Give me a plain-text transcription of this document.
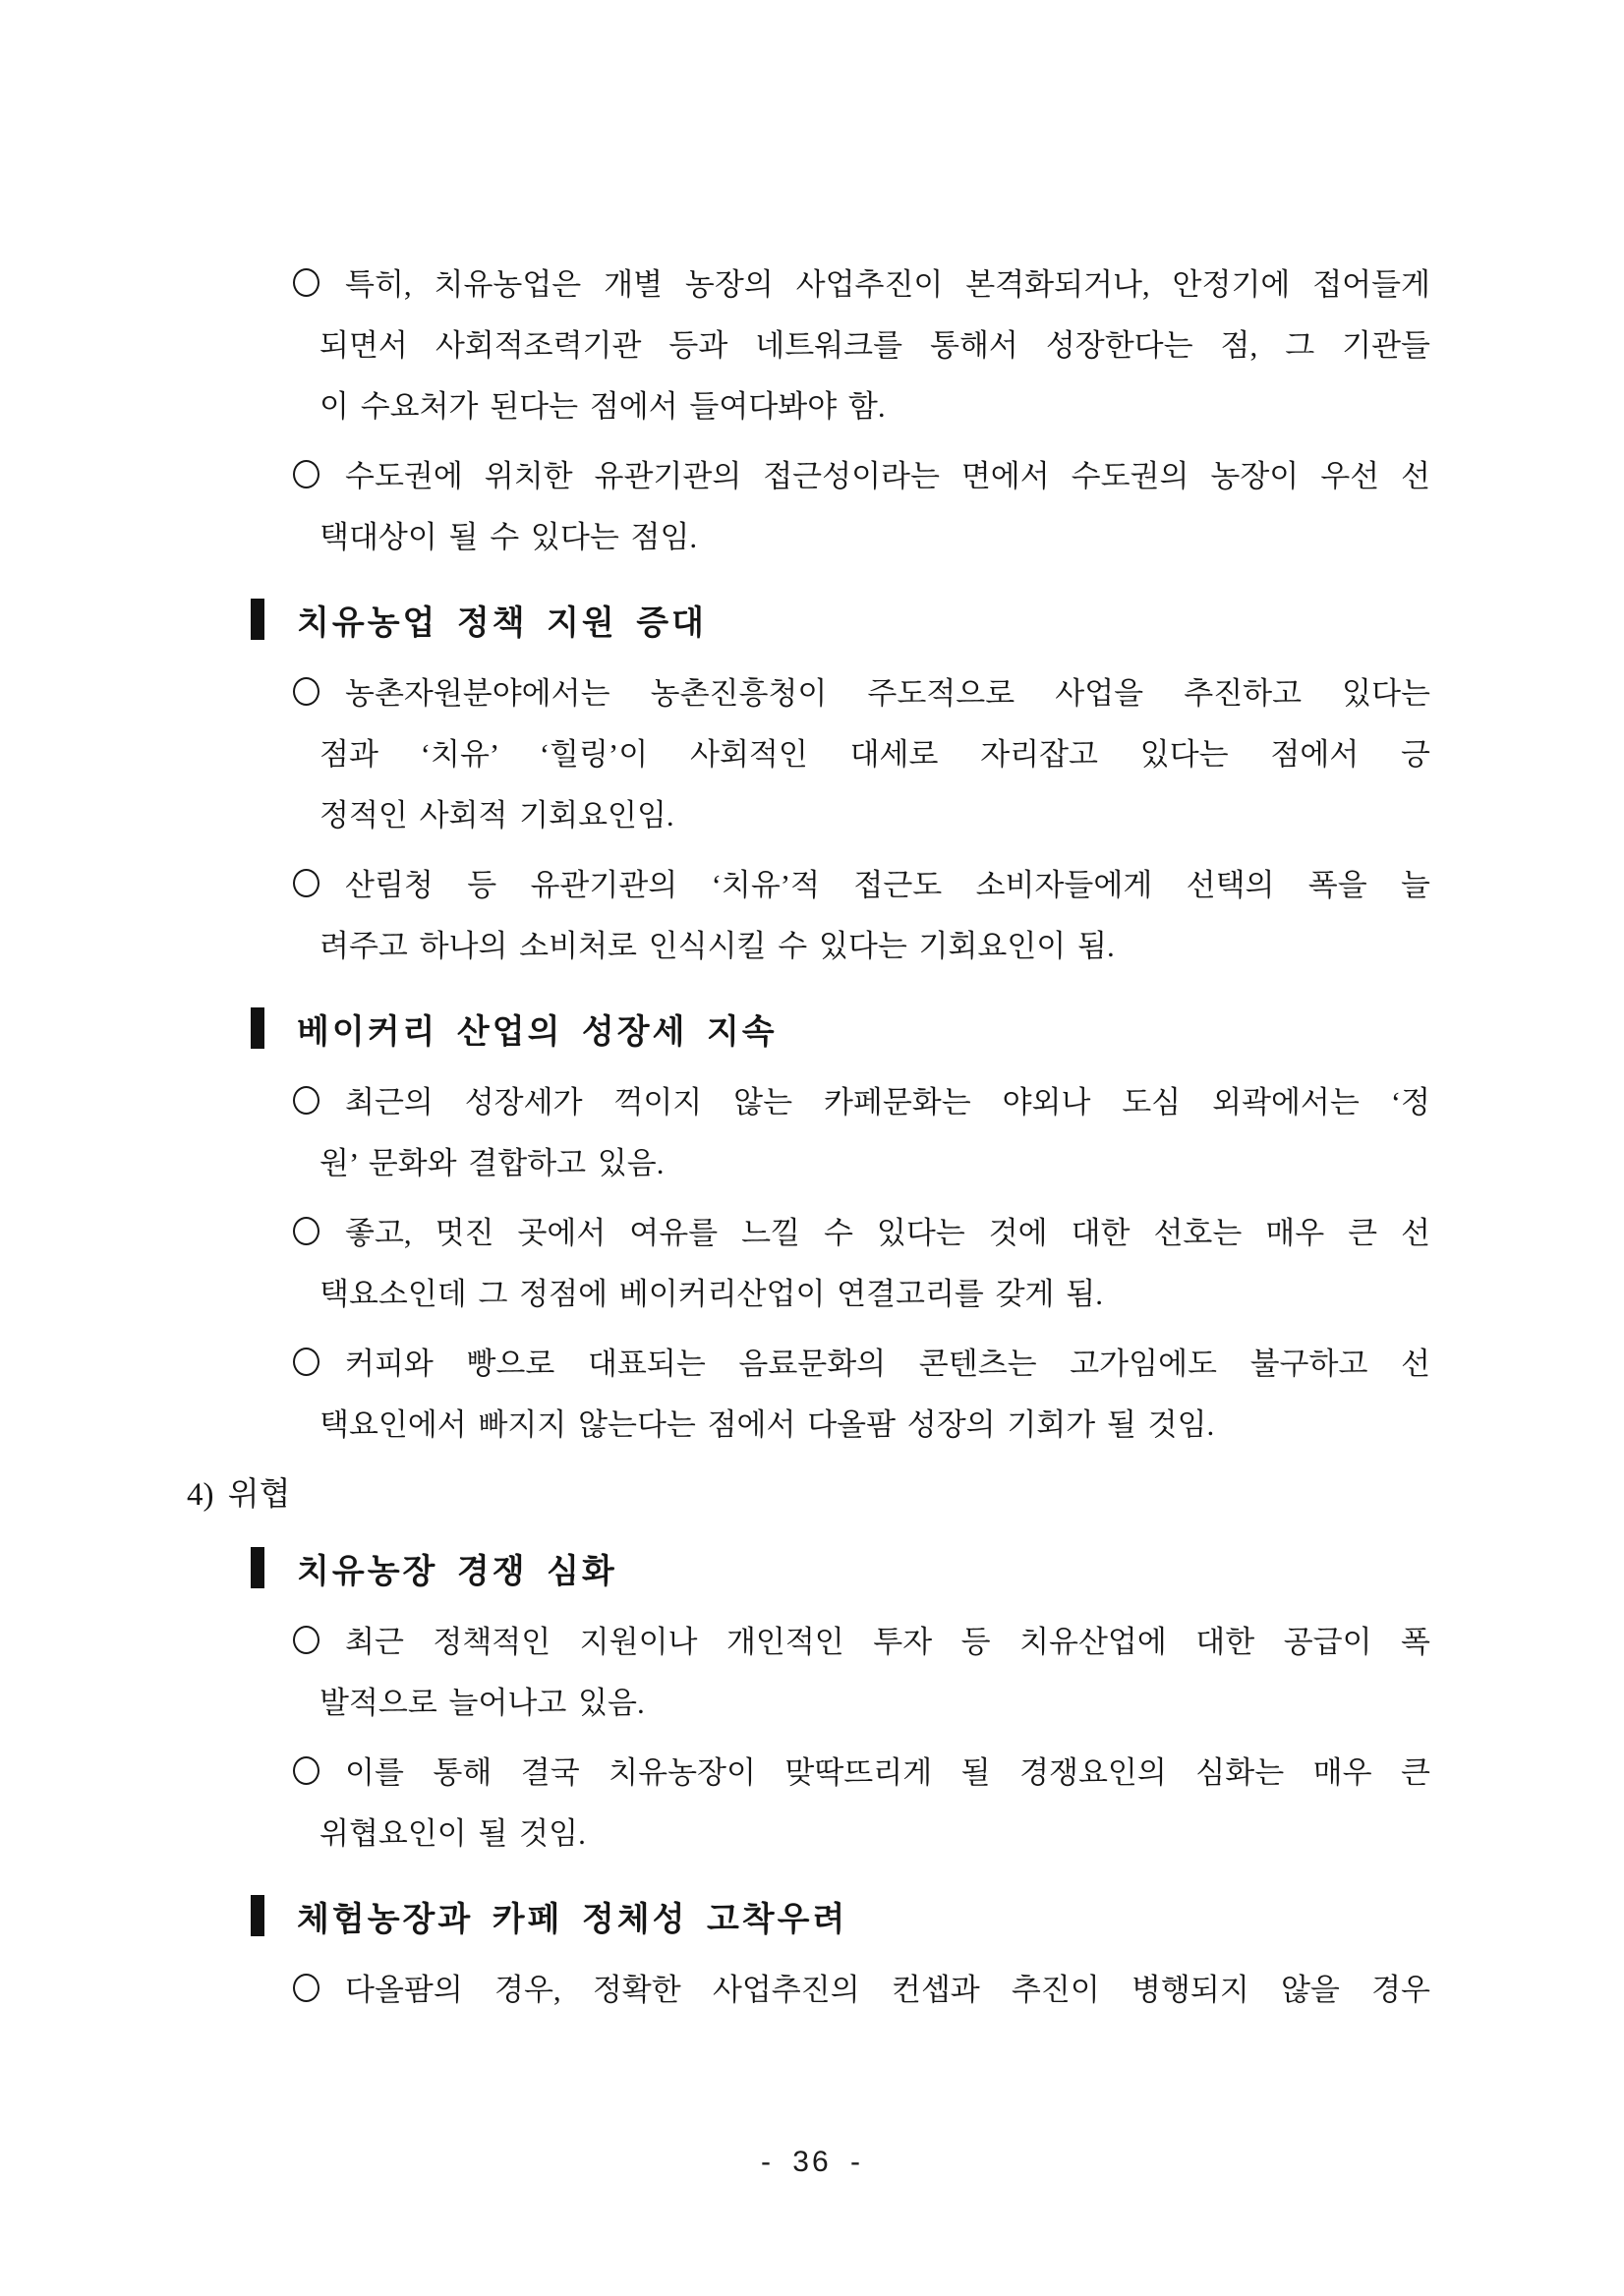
특히, 치유농업은 개별 농장의 사업추진이 본격화되거나, 안정기에 접어들게
되면서 사회적조력기관 등과 네트워크를 통해서 성장한다는 점, 그 기관들
이 수요처가 된다는 점에서 들여다봐야 함.
수도권에 위치한 유관기관의 접근성이라는 면에서 수도권의 농장이 우선 선
택대상이 될 수 있다는 점임.
치유농업 정책 지원 증대
농촌자원분야에서는 농촌진흥청이 주도적으로 사업을 추진하고 있다는
점과 ‘치유’ ‘힐링’이 사회적인 대세로 자리잡고 있다는 점에서 긍
정적인 사회적 기회요인임.
산림청 등 유관기관의 ‘치유’적 접근도 소비자들에게 선택의 폭을 늘
려주고 하나의 소비처로 인식시킬 수 있다는 기회요인이 됨.
베이커리 산업의 성장세 지속
최근의 성장세가 꺽이지 않는 카페문화는 야외나 도심 외곽에서는 ‘정
원’ 문화와 결합하고 있음.
좋고, 멋진 곳에서 여유를 느낄 수 있다는 것에 대한 선호는 매우 큰 선
택요소인데 그 정점에 베이커리산업이 연결고리를 갖게 됨.
커피와 빵으로 대표되는 음료문화의 콘텐츠는 고가임에도 불구하고 선
택요인에서 빠지지 않는다는 점에서 다올팜 성장의 기회가 될 것임.
4) 위협
치유농장 경쟁 심화
최근 정책적인 지원이나 개인적인 투자 등 치유산업에 대한 공급이 폭
발적으로 늘어나고 있음.
이를 통해 결국 치유농장이 맞딱뜨리게 될 경쟁요인의 심화는 매우 큰
위협요인이 될 것임.
체험농장과 카페 정체성 고착우려
다올팜의 경우, 정확한 사업추진의 컨셉과 추진이 병행되지 않을 경우
- 36 -
